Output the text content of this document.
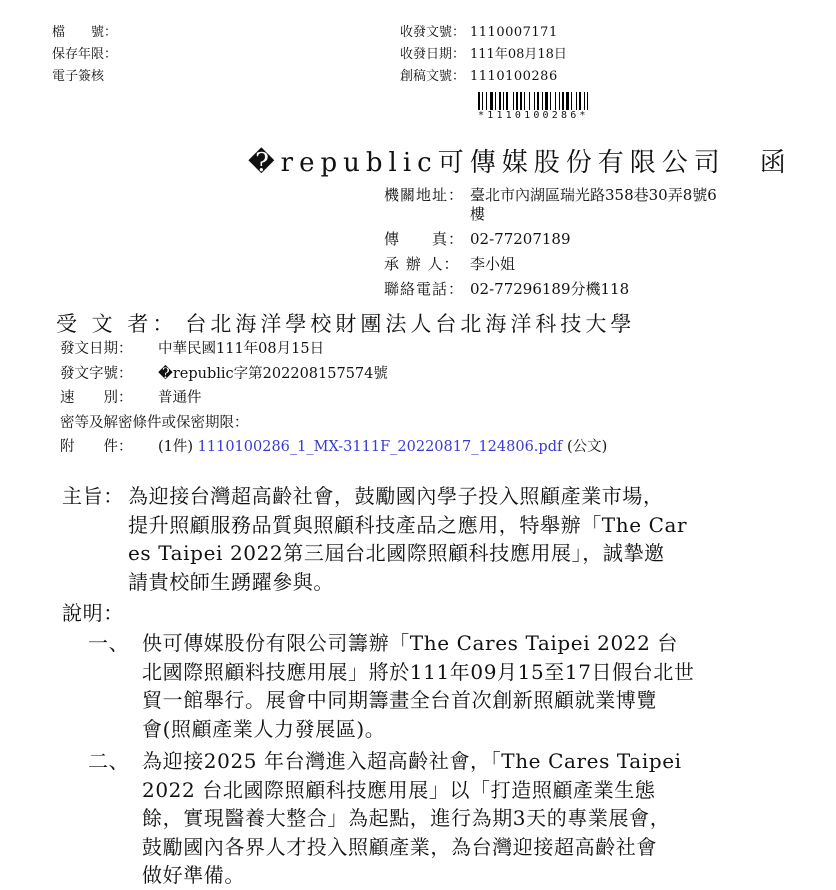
檔　　號：
保存年限：
電子簽核
收發文號： 1110007171
收發日期： 111年08月18日
創稿文號： 1110100286
*1110100286*
�republic可傳媒股份有限公司 函
機關地址： 臺北市內湖區瑞光路358巷30弄8號6
樓
傳　　真： 02-77207189
承 辦 人： 李小姐
聯絡電話： 02-77296189分機118
受 文 者： 台北海洋學校財團法人台北海洋科技大學
發文日期： 中華民國111年08月15日
發文字號： �republic字第202208157574號
速　　別： 普通件
密等及解密條件或保密期限：
附　　件： (1件) 1110100286_1_MX-3111F_20220817_124806.pdf (公文)
主旨： 為迎接台灣超高齡社會，鼓勵國內學子投入照顧產業市場，
提升照顧服務品質與照顧科技產品之應用，特舉辦「The Car
es Taipei 2022第三屆台北國際照顧科技應用展」，誠摯邀
請貴校師生踴躍參與。
說明：
一、 佒可傳媒股份有限公司籌辦「The Cares Taipei 2022 台
北國際照顧料技應用展」將於111年09月15至17日假台北世
貿一館舉行。展會中同期籌畫全台首次創新照顧就業博覽
會(照顧產業人力發展區)。
二、 為迎接2025 年台灣進入超高齡社會，「The Cares Taipei
2022 台北國際照顧科技應用展」以「打造照顧產業生態
餘，實現醫養大整合」為起點，進行為期3天的專業展會，
鼓勵國內各界人才投入照顧產業，為台灣迎接超高齡社會
做好準備。
